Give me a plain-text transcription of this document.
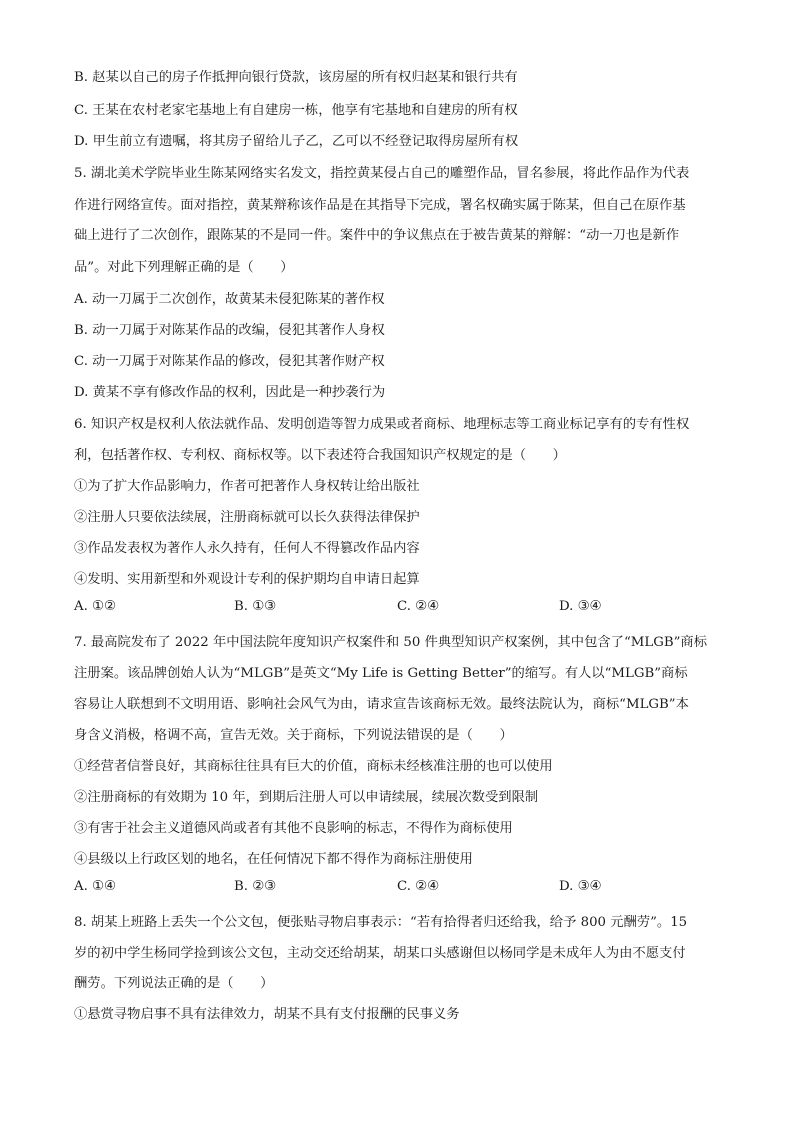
B. 赵某以自己的房子作抵押向银行贷款，该房屋的所有权归赵某和银行共有
C. 王某在农村老家宅基地上有自建房一栋，他享有宅基地和自建房的所有权
D. 甲生前立有遗嘱，将其房子留给儿子乙，乙可以不经登记取得房屋所有权
5. 湖北美术学院毕业生陈某网络实名发文，指控黄某侵占自己的雕塑作品，冒名参展，将此作品作为代表
作进行网络宣传。面对指控，黄某辩称该作品是在其指导下完成，署名权确实属于陈某，但自己在原作基
础上进行了二次创作，跟陈某的不是同一件。案件中的争议焦点在于被告黄某的辩解：“动一刀也是新作
品”。对此下列理解正确的是（　　）
A. 动一刀属于二次创作，故黄某未侵犯陈某的著作权
B. 动一刀属于对陈某作品的改编，侵犯其著作人身权
C. 动一刀属于对陈某作品的修改，侵犯其著作财产权
D. 黄某不享有修改作品的权利，因此是一种抄袭行为
6. 知识产权是权利人依法就作品、发明创造等智力成果或者商标、地理标志等工商业标记享有的专有性权
利，包括著作权、专利权、商标权等。以下表述符合我国知识产权规定的是（　　）
①为了扩大作品影响力，作者可把著作人身权转让给出版社
②注册人只要依法续展，注册商标就可以长久获得法律保护
③作品发表权为著作人永久持有，任何人不得篡改作品内容
④发明、实用新型和外观设计专利的保护期均自申请日起算
A. ①②	B. ①③	C. ②④	D. ③④
7. 最高院发布了 2022 年中国法院年度知识产权案件和 50 件典型知识产权案例，其中包含了“MLGB”商标
注册案。该品牌创始人认为“MLGB”是英文“My Life is Getting Better”的缩写。有人以“MLGB”商标
容易让人联想到不文明用语、影响社会风气为由，请求宣告该商标无效。最终法院认为，商标“MLGB”本
身含义消极，格调不高，宣告无效。关于商标，下列说法错误的是（　　）
①经营者信誉良好，其商标往往具有巨大的价值，商标未经核准注册的也可以使用
②注册商标的有效期为 10 年，到期后注册人可以申请续展，续展次数受到限制
③有害于社会主义道德风尚或者有其他不良影响的标志，不得作为商标使用
④县级以上行政区划的地名，在任何情况下都不得作为商标注册使用
A. ①④	B. ②③	C. ②④	D. ③④
8. 胡某上班路上丢失一个公文包，便张贴寻物启事表示：“若有拾得者归还给我，给予 800 元酬劳”。15
岁的初中学生杨同学捡到该公文包，主动交还给胡某，胡某口头感谢但以杨同学是未成年人为由不愿支付
酬劳。下列说法正确的是（　　）
①悬赏寻物启事不具有法律效力，胡某不具有支付报酬的民事义务
